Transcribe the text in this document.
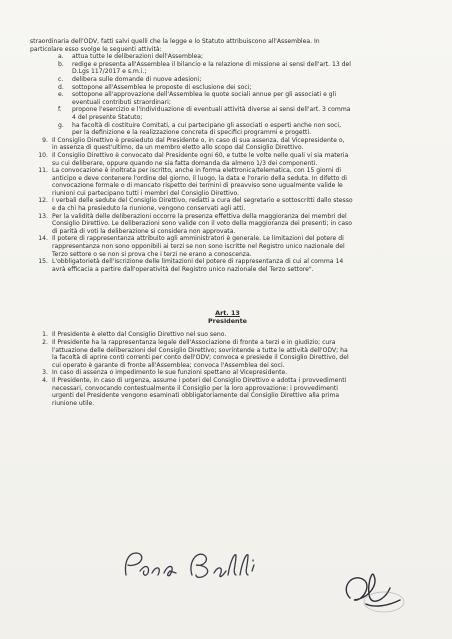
straordinaria dell'ODV, fatti salvi quelli che la legge e lo Statuto attribuiscono all'Assemblea. In
particolare esso svolge le seguenti attività:
a.	attua tutte le deliberazioni dell'Assemblea;
b.	redige e presenta all'Assemblea il bilancio e la relazione di missione ai sensi dell'art. 13 del
D.Lgs 117/2017 e s.m.i.;
c.	delibera sulle domande di nuove adesioni;
d.	sottopone all'Assemblea le proposte di esclusione dei soci;
e.	sottopone all'approvazione dell'Assemblea le quote sociali annue per gli associati e gli
eventuali contributi straordinari;
f.	propone l'esercizio e l'individuazione di eventuali attività diverse ai sensi dell'art. 3 comma
4 del presente Statuto;
g.	ha facoltà di costituire Comitati, a cui partecipano gli associati o esperti anche non soci,
per la definizione e la realizzazione concreta di specifici programmi e progetti.
9. Il Consiglio Direttivo è presieduto dal Presidente o, in caso di sua assenza, dal Vicepresidente o,
in assenza di quest'ultimo, da un membro eletto allo scopo dal Consiglio Direttivo.
10. Il Consiglio Direttivo è convocato dal Presidente ogni 60, e tutte le volte nelle quali vi sia materia
su cui deliberare, oppure quando ne sia fatta domanda da almeno 1/3 dei componenti.
11. La convocazione è inoltrata per iscritto, anche in forma elettronica/telematica, con 15 giorni di
anticipo e deve contenere l'ordine del giorno, il luogo, la data e l'orario della seduta. In difetto di
convocazione formale o di mancato rispetto dei termini di preavviso sono ugualmente valide le
riunioni cui partecipano tutti i membri del Consiglio Direttivo.
12. I verbali delle sedute del Consiglio Direttivo, redatti a cura del segretario e sottoscritti dallo stesso
e da chi ha presieduto la riunione, vengono conservati agli atti.
13. Per la validità delle deliberazioni occorre la presenza effettiva della maggioranza dei membri del
Consiglio Direttivo. Le deliberazioni sono valide con il voto della maggioranza dei presenti; in caso
di parità di voti la deliberazione si considera non approvata.
14. Il potere di rappresentanza attribuito agli amministratori è generale. Le limitazioni del potere di
rappresentanza non sono opponibili ai terzi se non sono iscritte nel Registro unico nazionale del
Terzo settore o se non si prova che i terzi ne erano a conoscenza.
15. L'obbligatorietà dell'iscrizione delle limitazioni del potere di rappresentanza di cui al comma 14
avrà efficacia a partire dall'operatività del Registro unico nazionale del Terzo settore".
Art. 13
Presidente
1. Il Presidente è eletto dal Consiglio Direttivo nel suo seno.
2. Il Presidente ha la rappresentanza legale dell'Associazione di fronte a terzi e in giudizio; cura
l'attuazione delle deliberazioni del Consiglio Direttivo; sovrintende a tutte le attività dell'ODV; ha
la facoltà di aprire conti correnti per conto dell'ODV; convoca e presiede il Consiglio Direttivo, del
cui operato è garante di fronte all'Assemblea; convoca l'Assemblea dei soci.
3. In caso di assenza o impedimento le sue funzioni spettano al Vicepresidente.
4. Il Presidente, in caso di urgenza, assume i poteri del Consiglio Direttivo e adotta i provvedimenti
necessari, convocando contestualmente il Consiglio per la loro approvazione: i provvedimenti
urgenti del Presidente vengono esaminati obbligatoriamente dal Consiglio Direttivo alla prima
riunione utile.
